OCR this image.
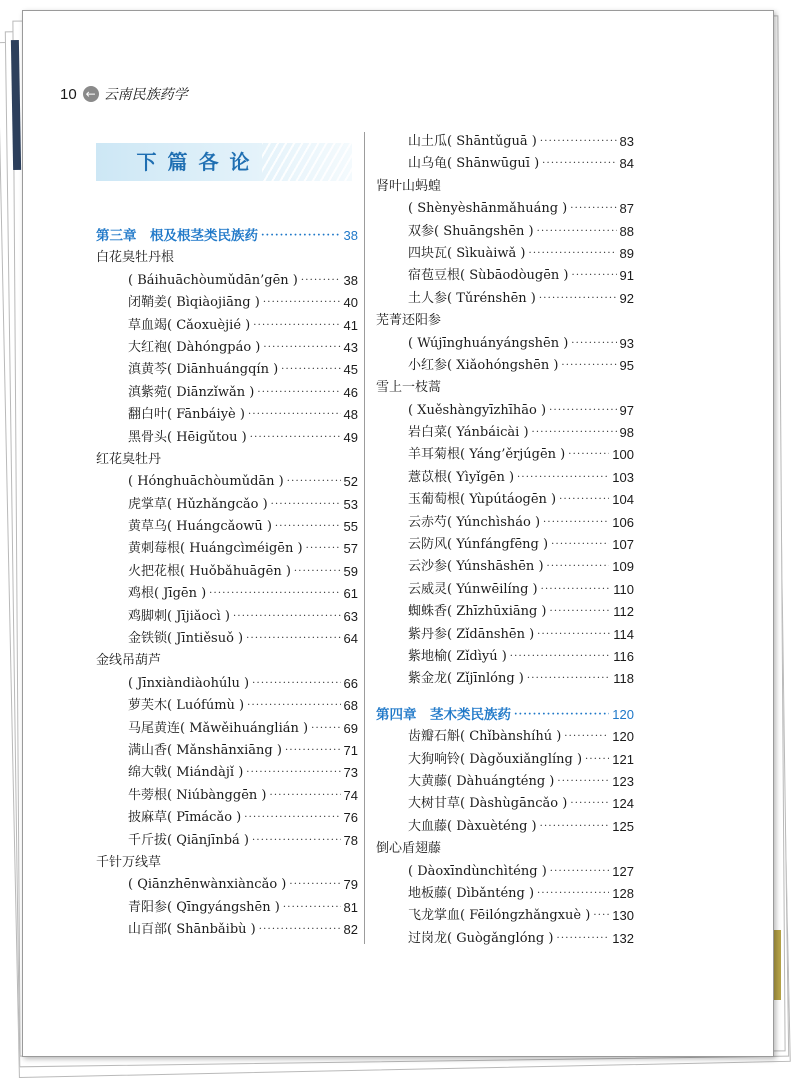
10 ← 云南民族药学
下篇各论
第三章　根及根茎类民族药 ·····	38
白花臭牡丹根
( Báihuāchòumǔdān’gēn ) ·····	38
闭鞘姜( Bìqiàojiāng ) ·····	40
草血竭( Cǎoxuèjié ) ·····	41
大红袍( Dàhóngpáo ) ·····	43
滇黄芩( Diānhuángqín ) ·····	45
滇紫菀( Diānzǐwǎn ) ·····	46
翻白叶( Fānbáiyè ) ·····	48
黑骨头( Hēigǔtou ) ·····	49
红花臭牡丹
( Hónghuāchòumǔdān ) ·····	52
虎掌草( Hǔzhǎngcǎo ) ·····	53
黄草乌( Huángcǎowū ) ·····	55
黄刺莓根( Huángcìméigēn ) ·····	57
火把花根( Huǒbǎhuāgēn ) ·····	59
鸡根( Jīgēn ) ·····	61
鸡脚刺( Jījiǎocì ) ·····	63
金铁锁( Jīntiěsuǒ ) ·····	64
金线吊葫芦
( Jīnxiàndiàohúlu ) ·····	66
萝芙木( Luófúmù ) ·····	68
马尾黄连( Mǎwěihuánglián ) ·····	69
满山香( Mǎnshānxiāng ) ·····	71
绵大戟( Miándàjǐ ) ·····	73
牛蒡根( Niúbànggēn ) ·····	74
披麻草( Pīmácǎo ) ·····	76
千斤拔( Qiānjīnbá ) ·····	78
千针万线草
( Qiānzhēnwànxiàncǎo ) ·····	79
青阳参( Qīngyángshēn ) ·····	81
山百部( Shānbǎibù ) ·····	82
山土瓜( Shāntǔguā ) ·····	83
山乌龟( Shānwūguī ) ·····	84
肾叶山蚂蝗
( Shènyèshānmǎhuáng ) ·····	87
双参( Shuāngshēn ) ·····	88
四块瓦( Sìkuàiwǎ ) ·····	89
宿苞豆根( Sùbāodòugēn ) ·····	91
土人参( Tǔrénshēn ) ·····	92
芜菁还阳参
( Wújīnghuányángshēn ) ·····	93
小红参( Xiǎohóngshēn ) ·····	95
雪上一枝蒿
( Xuěshàngyīzhīhāo ) ·····	97
岩白菜( Yánbáicài ) ·····	98
羊耳菊根( Yáng’ěrjúgēn ) ·····	100
薏苡根( Yìyǐgēn ) ·····	103
玉葡萄根( Yùpútáogēn ) ·····	104
云赤芍( Yúnchìsháo ) ·····	106
云防风( Yúnfángfēng ) ·····	107
云沙参( Yúnshāshēn ) ·····	109
云威灵( Yúnwēilíng ) ·····	110
蜘蛛香( Zhīzhūxiāng ) ·····	112
紫丹参( Zǐdānshēn ) ·····	114
紫地榆( Zǐdìyú ) ·····	116
紫金龙( Zǐjīnlóng ) ·····	118
第四章　茎木类民族药 ·····	120
齿瓣石斛( Chǐbànshíhú ) ·····	120
大狗响铃( Dàgǒuxiǎnglíng ) ····· 121
大黄藤( Dàhuángténg ) ·····	123
大树甘草( Dàshùgāncǎo ) ·····	124
大血藤( Dàxuèténg ) ·····	125
倒心盾翅藤
( Dàoxīndùnchìténg ) ·····	127
地板藤( Dìbǎnténg ) ·····	128
飞龙掌血( Fēilóngzhǎngxuè ) ····· 130
过岗龙( Guògǎnglóng ) ·····	132
